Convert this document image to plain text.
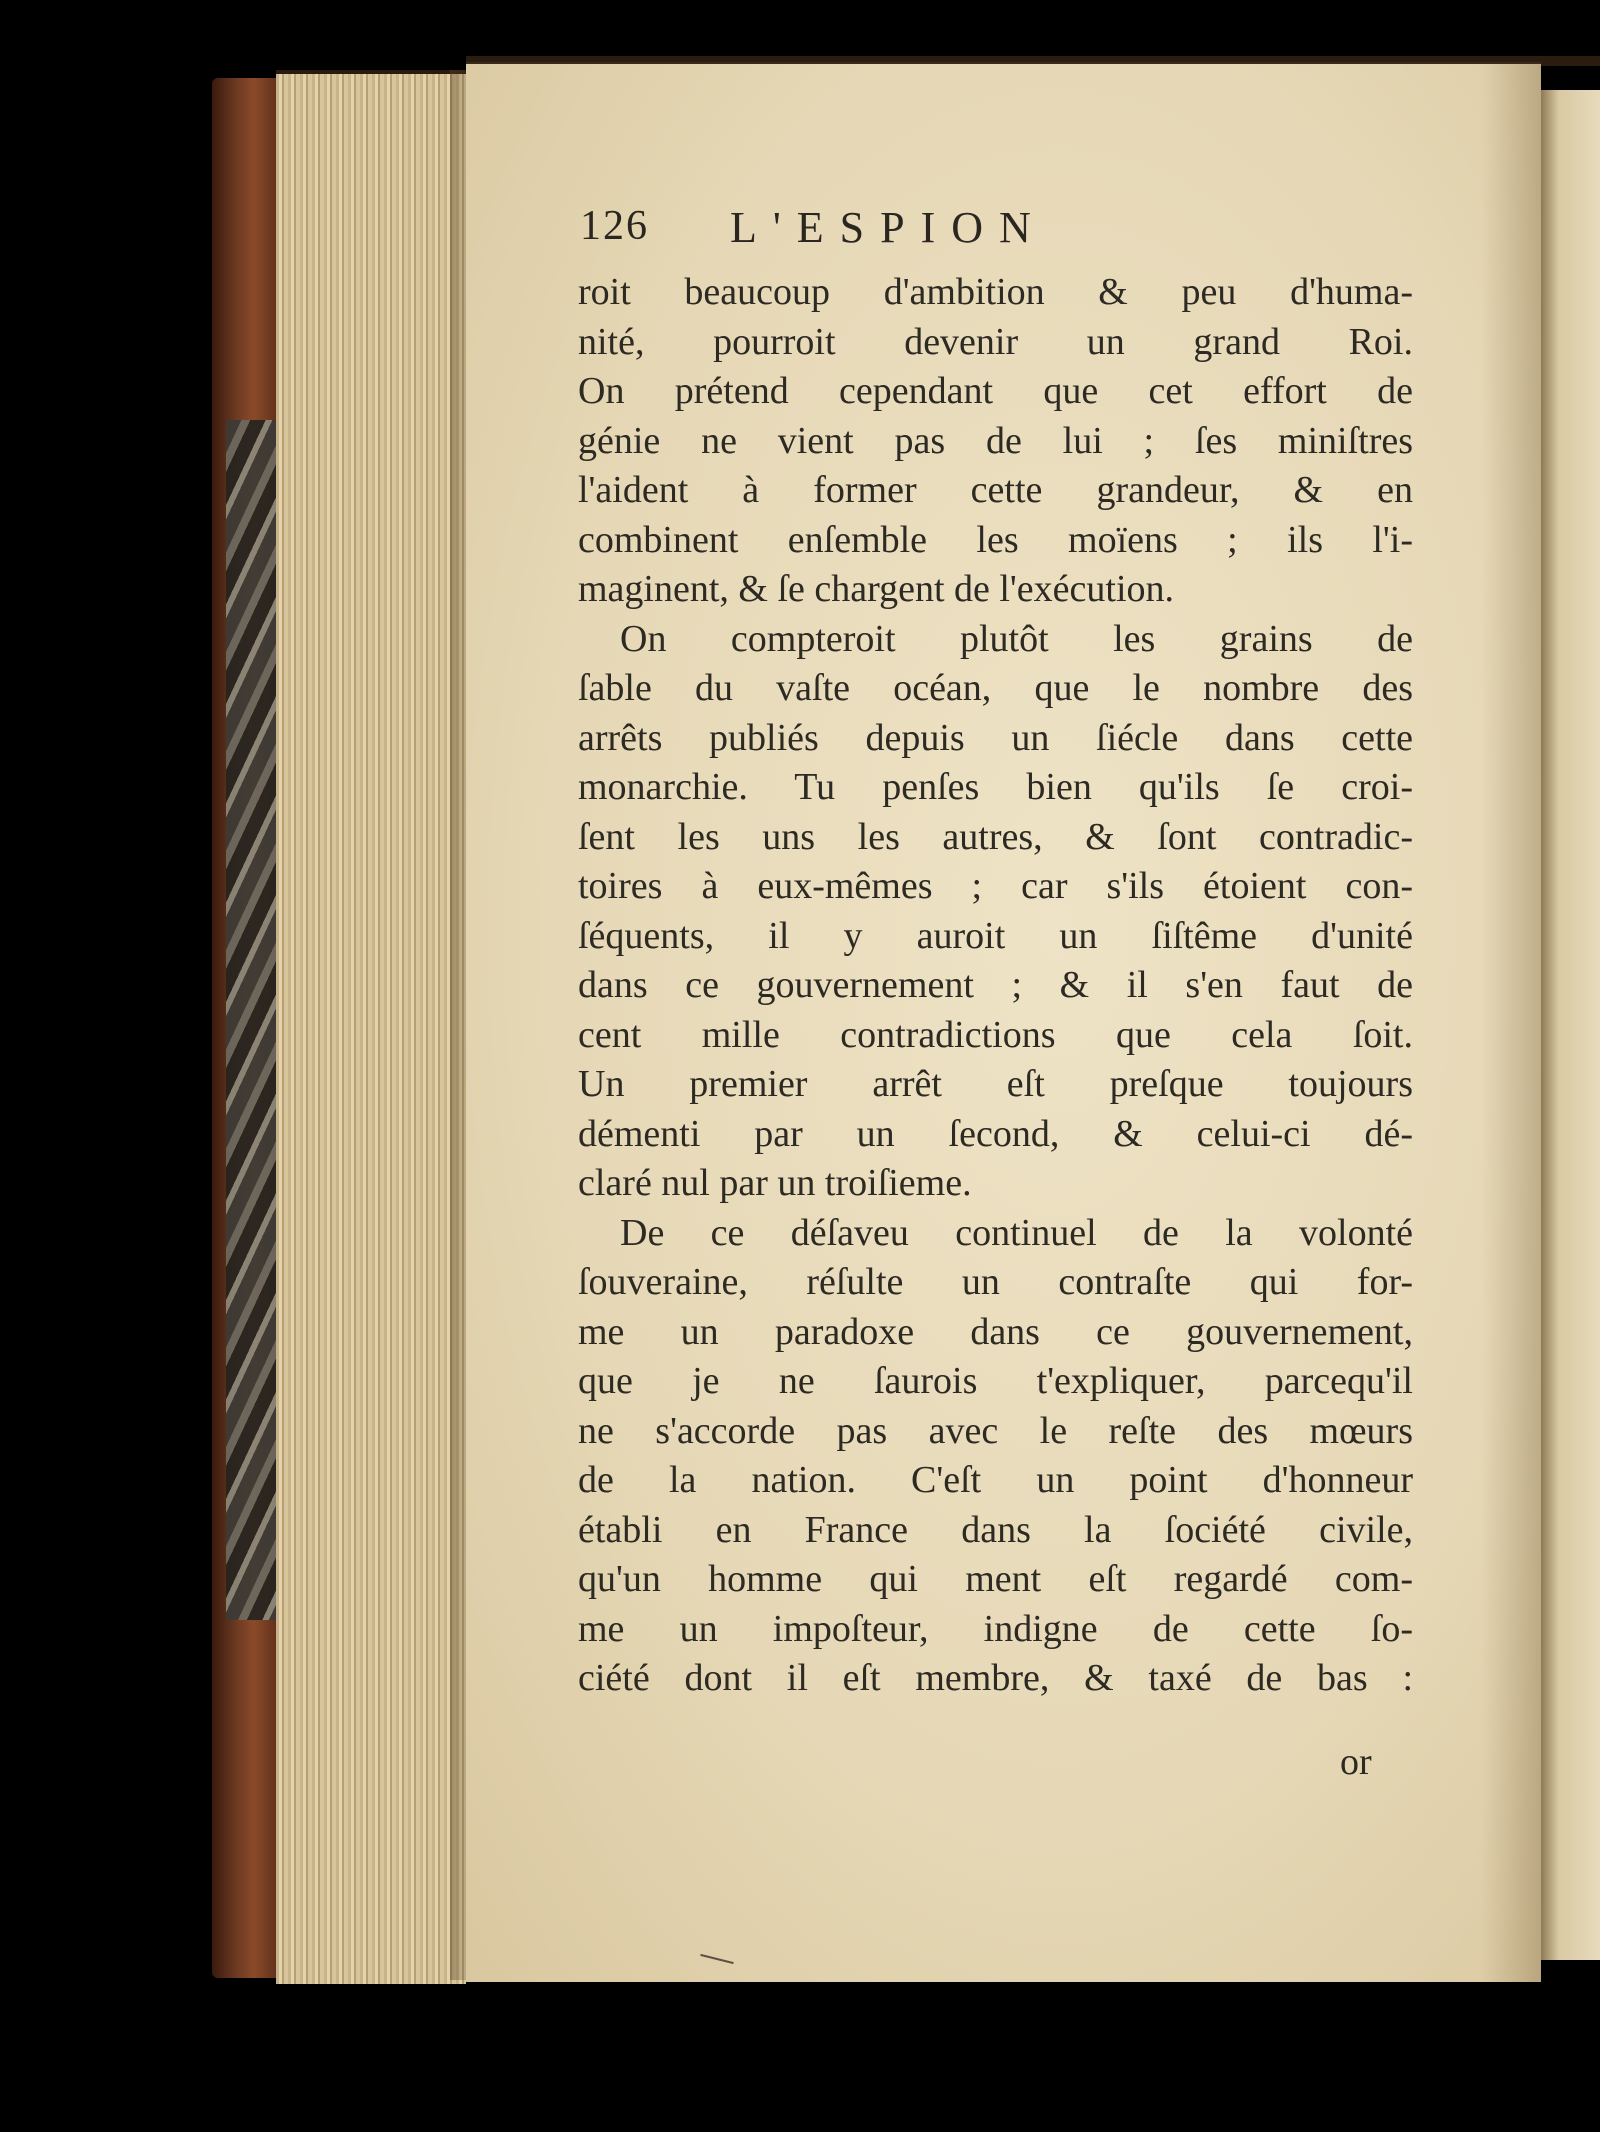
126 L'ESPION
roit beaucoup d'ambition & peu d'huma-
nité, pourroit devenir un grand Roi.
On prétend cependant que cet effort de
génie ne vient pas de lui ; ſes miniſtres
l'aident à former cette grandeur, & en
combinent enſemble les moïens ; ils l'i-
maginent, & ſe chargent de l'exécution.
On compteroit plutôt les grains de
ſable du vaſte océan, que le nombre des
arrêts publiés depuis un ſiécle dans cette
monarchie. Tu penſes bien qu'ils ſe croi-
ſent les uns les autres, & ſont contradic-
toires à eux-mêmes ; car s'ils étoient con-
ſéquents, il y auroit un ſiſtême d'unité
dans ce gouvernement ; & il s'en faut de
cent mille contradictions que cela ſoit.
Un premier arrêt eſt preſque toujours
démenti par un ſecond, & celui-ci dé-
claré nul par un troiſieme.
De ce déſaveu continuel de la volonté
ſouveraine, réſulte un contraſte qui for-
me un paradoxe dans ce gouvernement,
que je ne ſaurois t'expliquer, parcequ'il
ne s'accorde pas avec le reſte des mœurs
de la nation. C'eſt un point d'honneur
établi en France dans la ſociété civile,
qu'un homme qui ment eſt regardé com-
me un impoſteur, indigne de cette ſo-
ciété dont il eſt membre, & taxé de bas :
or
